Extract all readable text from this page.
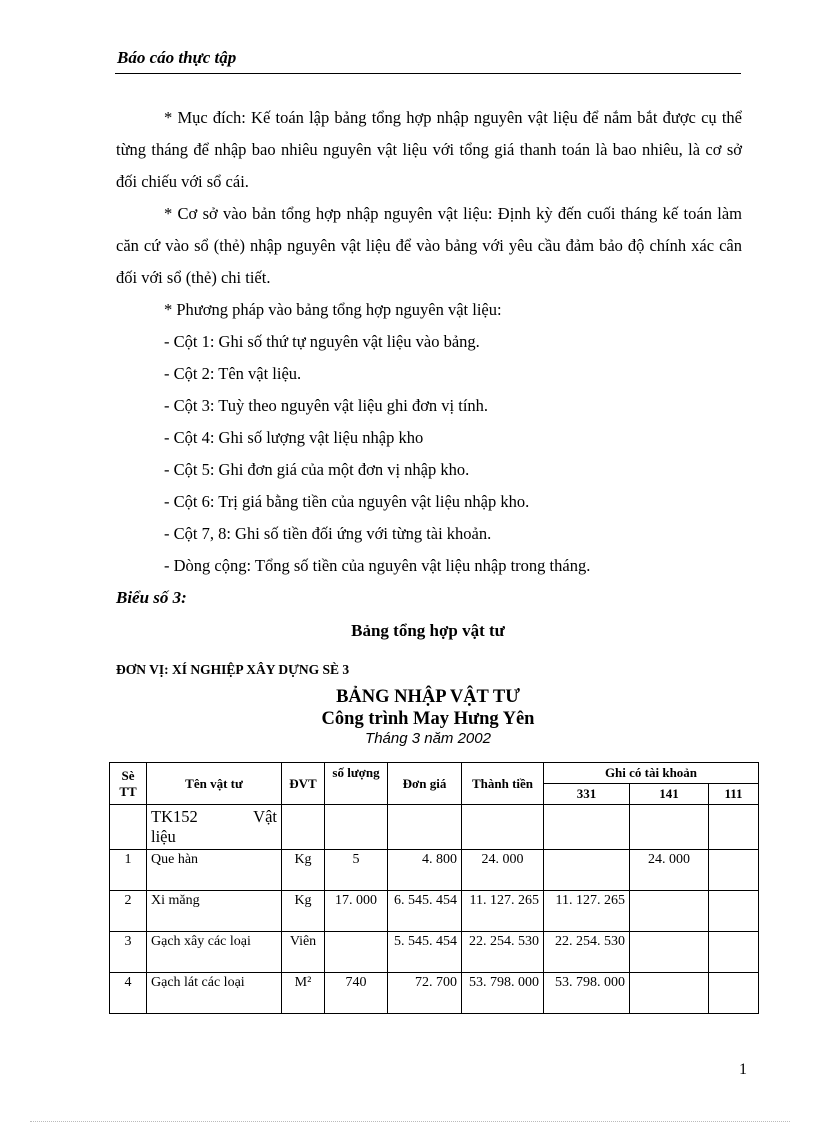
Báo cáo thực tập

* Mục đích: Kế toán lập bảng tổng hợp nhập nguyên vật liệu để nắm bắt được cụ thể từng tháng để nhập bao nhiêu nguyên vật liệu với tổng giá thanh toán là bao nhiêu, là cơ sở đối chiếu với sổ cái.

* Cơ sở vào bản tổng hợp nhập nguyên vật liệu: Định kỳ đến cuối tháng kế toán làm căn cứ vào sổ (thẻ) nhập nguyên vật liệu để vào bảng với yêu cầu đảm bảo độ chính xác cân đối với sổ (thẻ) chi tiết.

* Phương pháp vào bảng tổng hợp nguyên vật liệu:

- Cột 1: Ghi số thứ tự nguyên vật liệu vào bảng.

- Cột 2: Tên vật liệu.

- Cột 3: Tuỳ theo nguyên vật liệu ghi đơn vị tính.

- Cột 4: Ghi số lượng vật liệu nhập kho

- Cột 5: Ghi đơn giá của một đơn vị nhập kho.

- Cột 6: Trị giá bằng tiền của nguyên vật liệu nhập kho.

- Cột 7, 8: Ghi số tiền đối ứng với từng tài khoản.

- Dòng cộng: Tổng số tiền của nguyên vật liệu nhập trong tháng.

Biểu số 3:
Bảng tổng hợp vật tư
ĐƠN VỊ: XÍ NGHIỆP XÂY DỰNG SÈ 3
BẢNG NHẬP VẬT TƯ
Công trình May Hưng Yên
Tháng 3 năm 2002
Sè TT	Tên vật tư	ĐVT	số lượng	Đơn giá	Thành tiền	Ghi có tài khoản		
						331	141	111

	TK152 Vật
liệu							

1	Que hàn	Kg	5	4. 800	24. 000		24. 000	
2	Xi măng	Kg	17. 000	6. 545. 454	11. 127. 265	11. 127. 265		
3	Gạch xây các loại	Viên		5. 545. 454	22. 254. 530	22. 254. 530		
4	Gạch lát các loại	M²	740	72. 700	53. 798. 000	53. 798. 000		
1
